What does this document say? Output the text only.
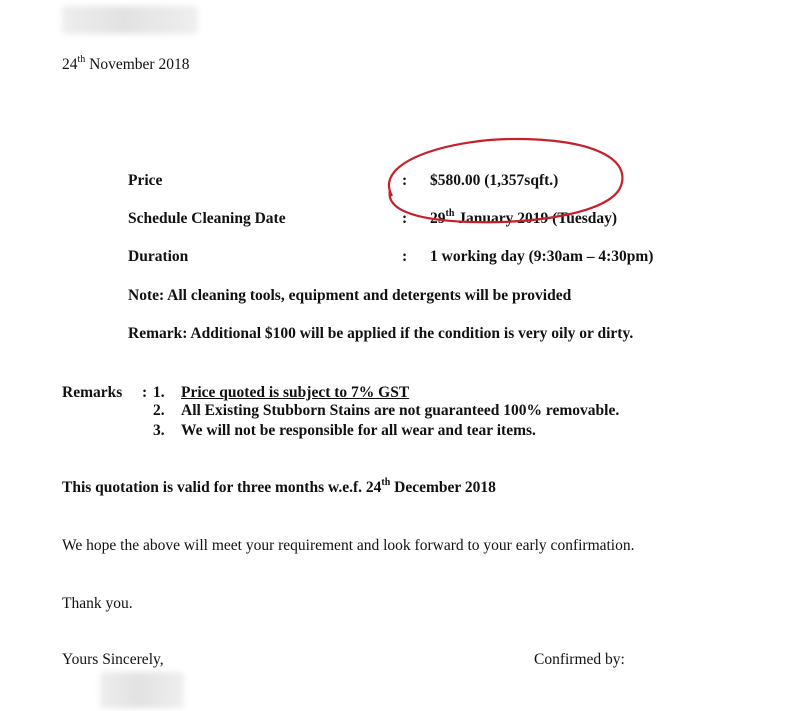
24th November 2018
Price	: $580.00 (1,357sqft.)
Schedule Cleaning Date	: 29th January 2019 (Tuesday)
Duration	: 1 working day (9:30am – 4:30pm)
Note: All cleaning tools, equipment and detergents will be provided
Remark: Additional $100 will be applied if the condition is very oily or dirty.
Remarks : 1. Price quoted is subject to 7% GST
2. All Existing Stubborn Stains are not guaranteed 100% removable.
3. We will not be responsible for all wear and tear items.
This quotation is valid for three months w.e.f. 24th December 2018
We hope the above will meet your requirement and look forward to your early confirmation.
Thank you.
Yours Sincerely,	Confirmed by:
